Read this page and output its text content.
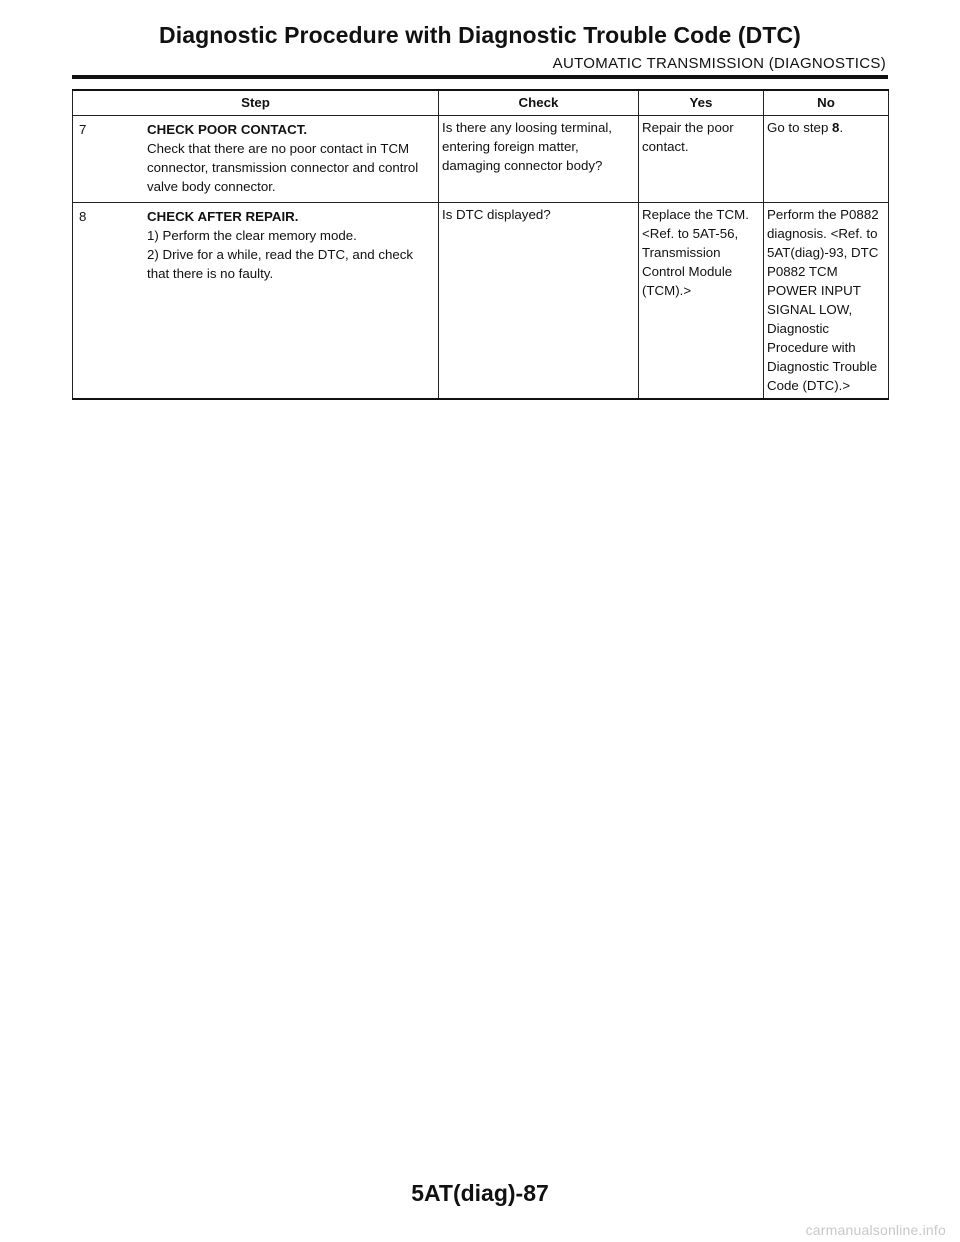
Diagnostic Procedure with Diagnostic Trouble Code (DTC)
AUTOMATIC TRANSMISSION (DIAGNOSTICS)
Step	Check	Yes	No

7 CHECK POOR CONTACT.
Check that there are no poor contact in TCM connector, transmission connector and control valve body connector.	Is there any loosing terminal, entering foreign matter, damaging connector body?	Repair the poor contact.	Go to step 8.

8 CHECK AFTER REPAIR.
1) Perform the clear memory mode.
2) Drive for a while, read the DTC, and check that there is no faulty.	Is DTC displayed?	Replace the TCM. <Ref. to 5AT-56, Transmission Control Module (TCM).>	Perform the P0882 diagnosis. <Ref. to 5AT(diag)-93, DTC P0882 TCM POWER INPUT SIGNAL LOW, Diagnostic Procedure with Diagnostic Trouble Code (DTC).>
5AT(diag)-87
carmanualsonline.info
